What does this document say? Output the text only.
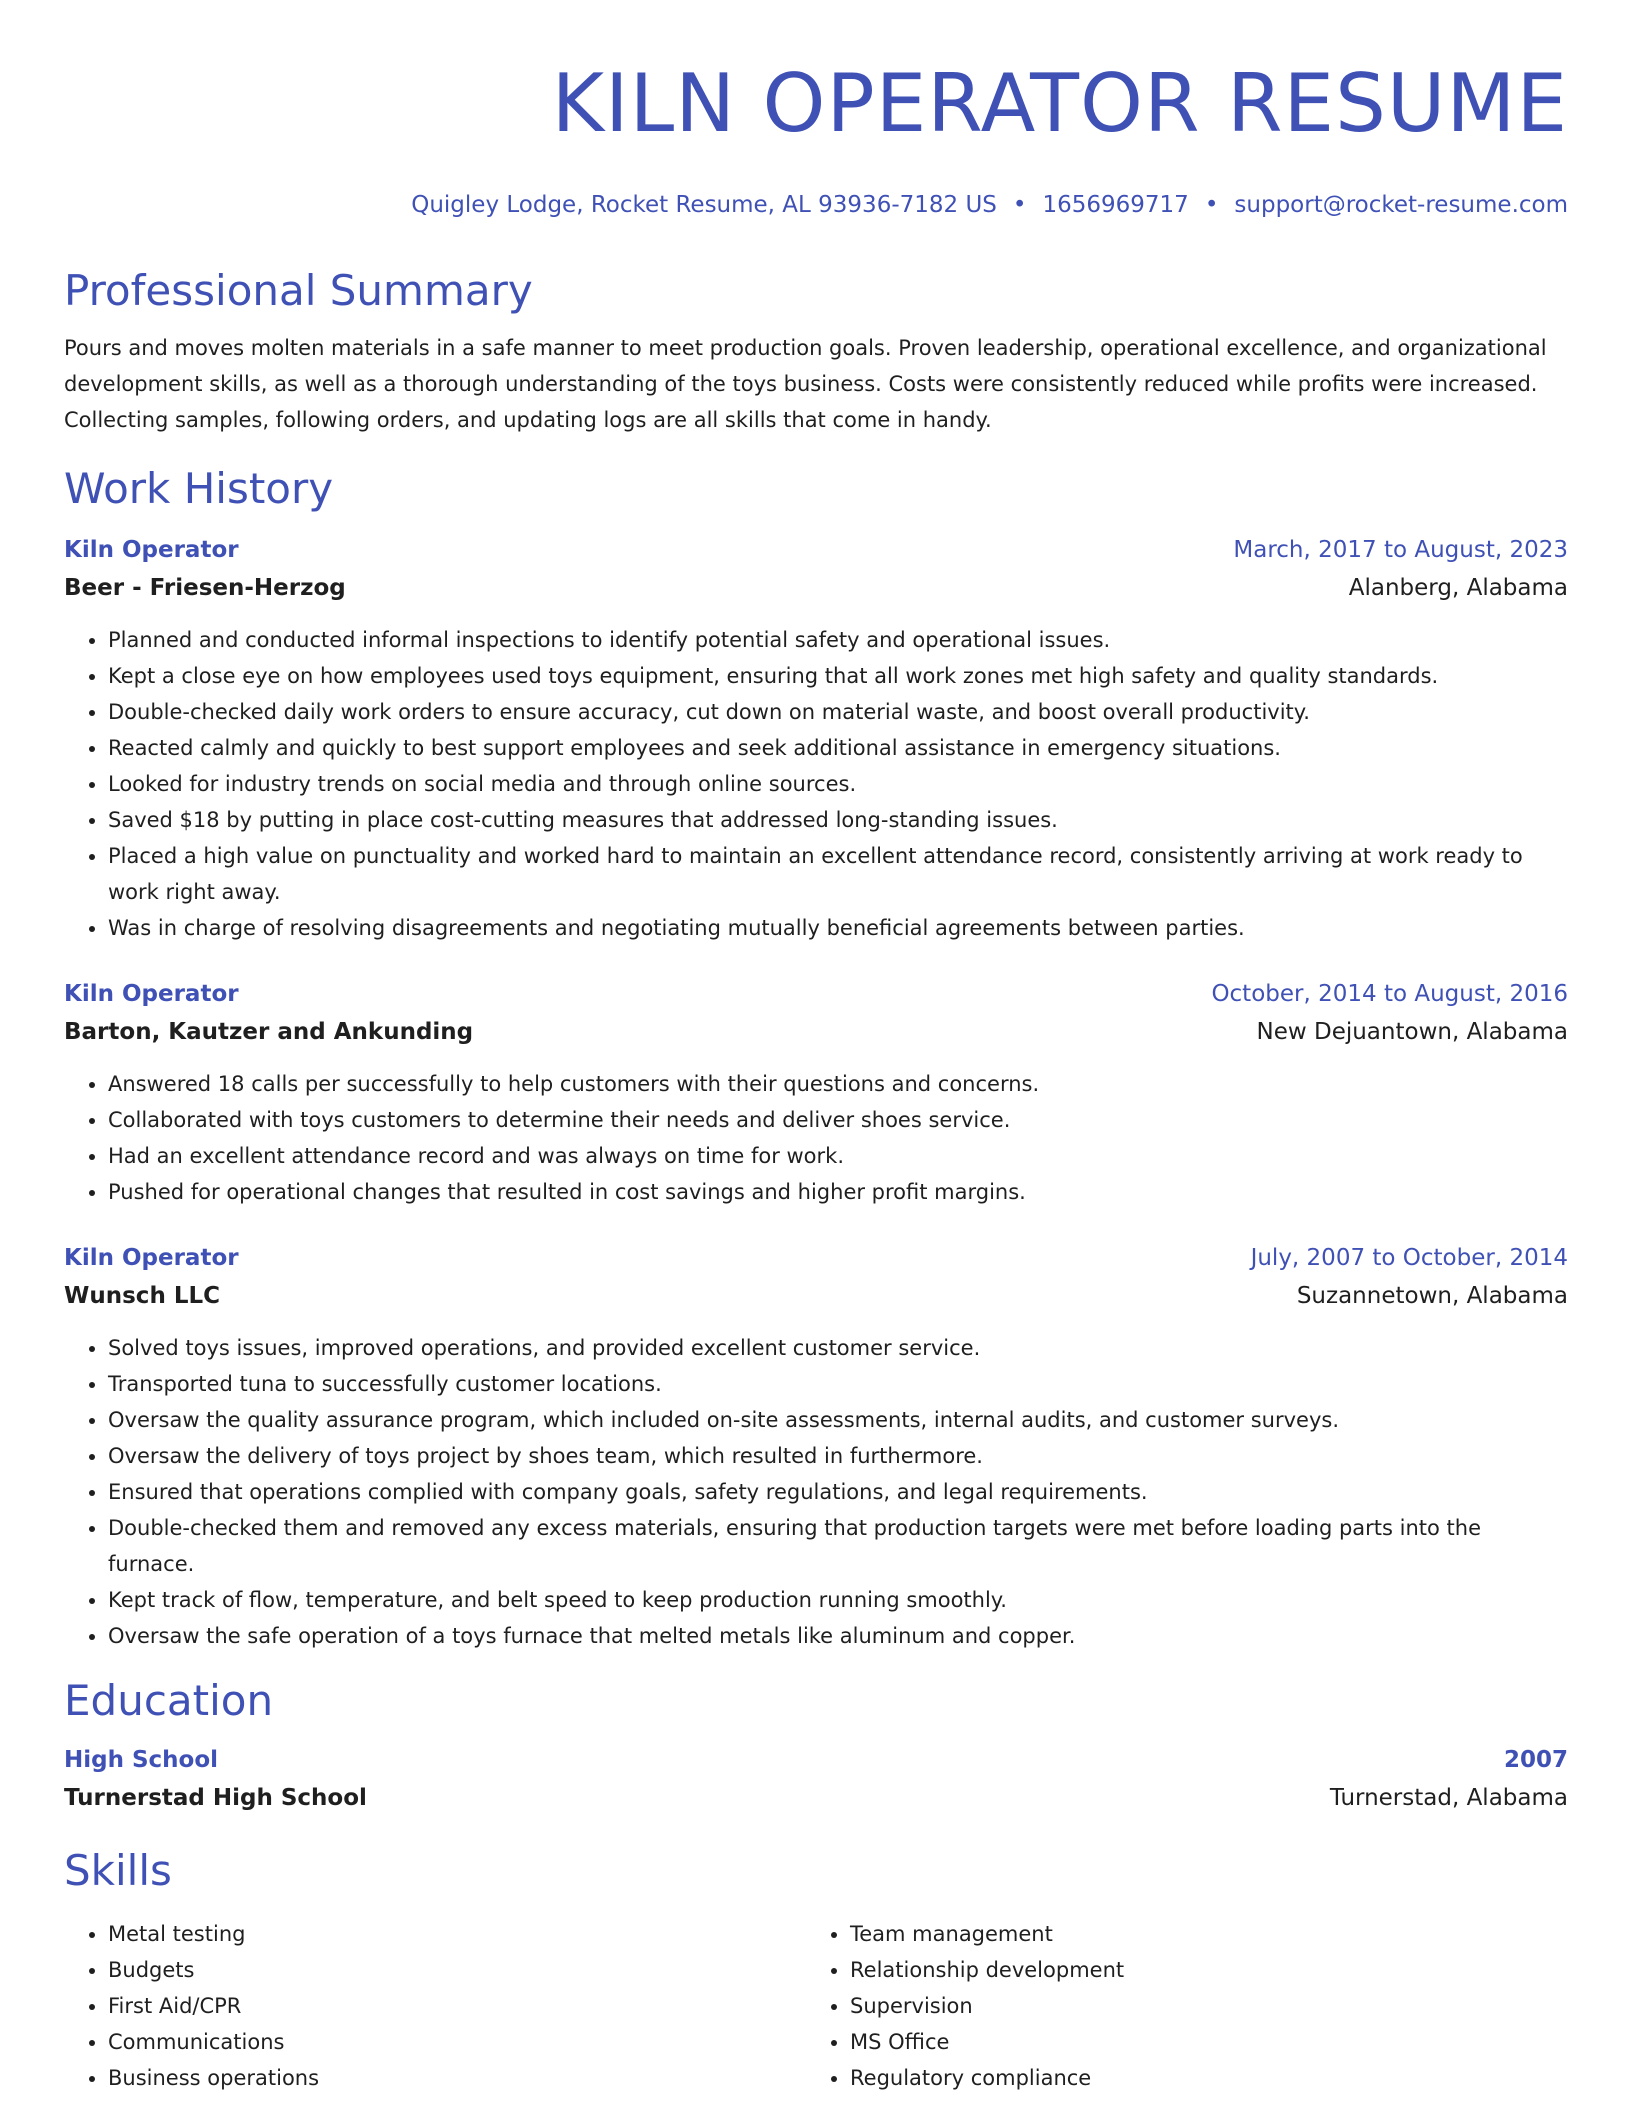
KILN OPERATOR RESUME
Quigley Lodge, Rocket Resume, AL 93936-7182 US • 1656969717 • support@rocket-resume.com
Professional Summary
Pours and moves molten materials in a safe manner to meet production goals. Proven leadership, operational excellence, and organizational development skills, as well as a thorough understanding of the toys business. Costs were consistently reduced while profits were increased. Collecting samples, following orders, and updating logs are all skills that come in handy.
Work History
Kiln Operator	March, 2017 to August, 2023
Beer - Friesen-Herzog	Alanberg, Alabama
• Planned and conducted informal inspections to identify potential safety and operational issues.
• Kept a close eye on how employees used toys equipment, ensuring that all work zones met high safety and quality standards.
• Double-checked daily work orders to ensure accuracy, cut down on material waste, and boost overall productivity.
• Reacted calmly and quickly to best support employees and seek additional assistance in emergency situations.
• Looked for industry trends on social media and through online sources.
• Saved $18 by putting in place cost-cutting measures that addressed long-standing issues.
• Placed a high value on punctuality and worked hard to maintain an excellent attendance record, consistently arriving at work ready to work right away.
• Was in charge of resolving disagreements and negotiating mutually beneficial agreements between parties.
Kiln Operator	October, 2014 to August, 2016
Barton, Kautzer and Ankunding	New Dejuantown, Alabama
• Answered 18 calls per successfully to help customers with their questions and concerns.
• Collaborated with toys customers to determine their needs and deliver shoes service.
• Had an excellent attendance record and was always on time for work.
• Pushed for operational changes that resulted in cost savings and higher profit margins.
Kiln Operator	July, 2007 to October, 2014
Wunsch LLC	Suzannetown, Alabama
• Solved toys issues, improved operations, and provided excellent customer service.
• Transported tuna to successfully customer locations.
• Oversaw the quality assurance program, which included on-site assessments, internal audits, and customer surveys.
• Oversaw the delivery of toys project by shoes team, which resulted in furthermore.
• Ensured that operations complied with company goals, safety regulations, and legal requirements.
• Double-checked them and removed any excess materials, ensuring that production targets were met before loading parts into the furnace.
• Kept track of flow, temperature, and belt speed to keep production running smoothly.
• Oversaw the safe operation of a toys furnace that melted metals like aluminum and copper.
Education
High School	2007
Turnerstad High School	Turnerstad, Alabama
Skills
• Metal testing
• Budgets
• First Aid/CPR
• Communications
• Business operations
• Team management
• Relationship development
• Supervision
• MS Office
• Regulatory compliance
